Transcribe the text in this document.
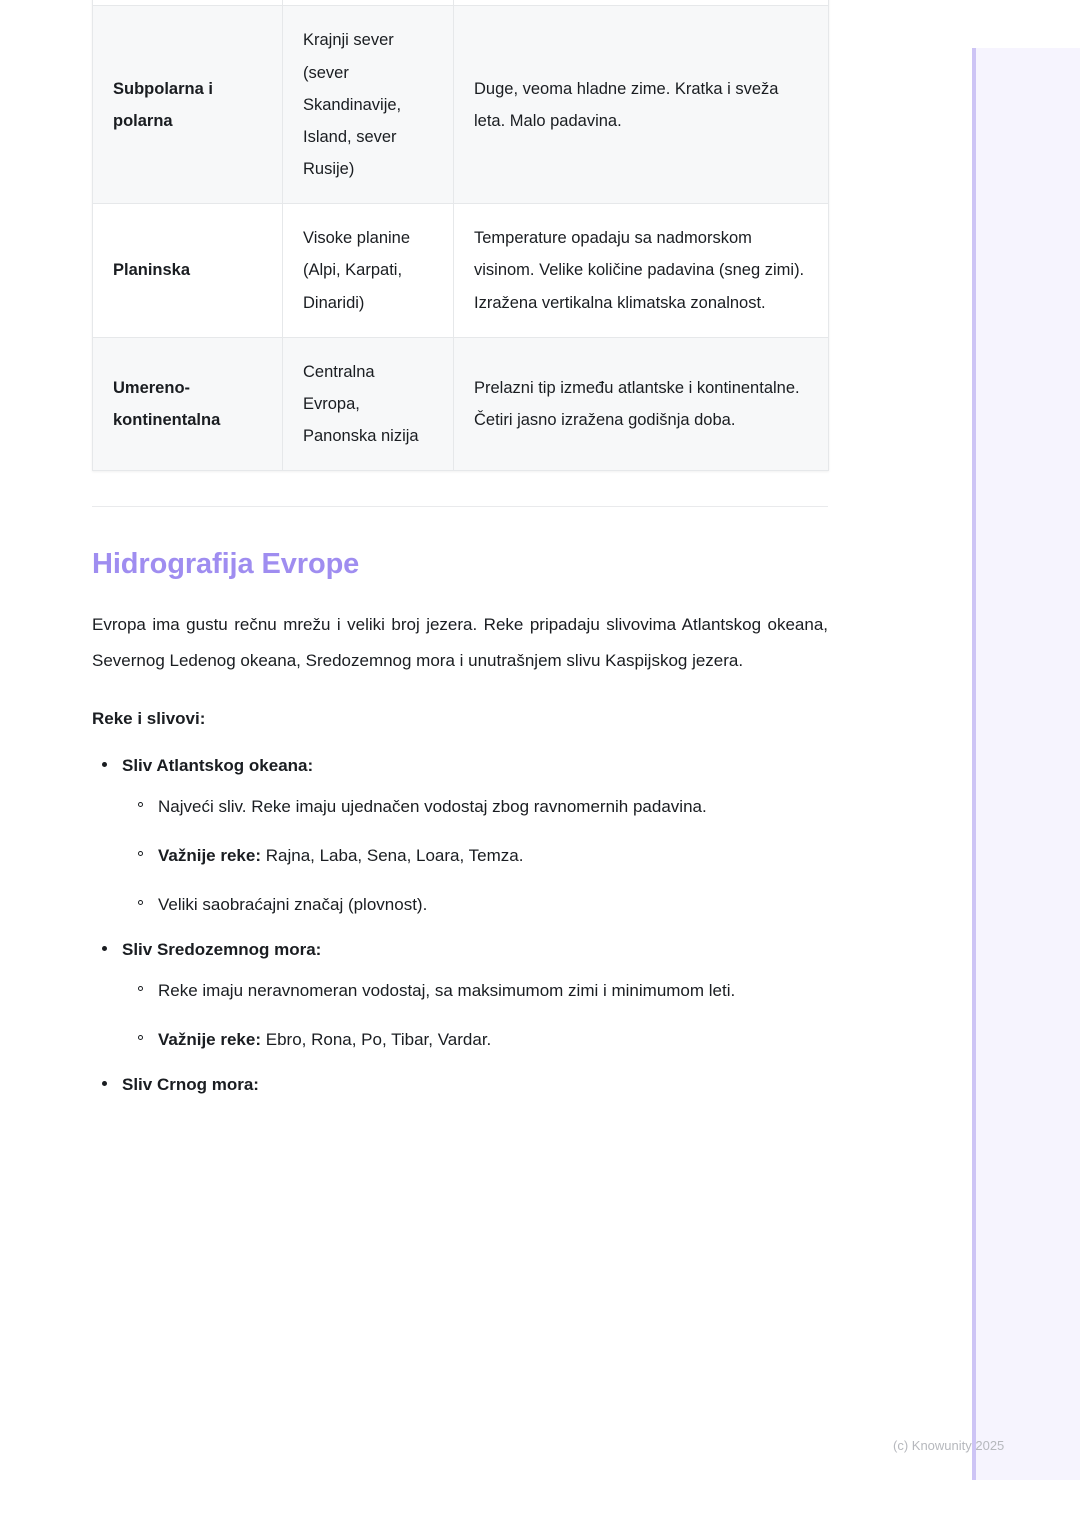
Subpolarna i polarna	Krajnji sever (sever Skandinavije, Island, sever Rusije)	Duge, veoma hladne zime. Kratka i sveža leta. Malo padavina.
Planinska	Visoke planine (Alpi, Karpati, Dinaridi)	Temperature opadaju sa nadmorskom visinom. Velike količine padavina (sneg zimi). Izražena vertikalna klimatska zonalnost.
Umereno-kontinentalna	Centralna Evropa, Panonska nizija	Prelazni tip između atlantske i kontinentalne. Četiri jasno izražena godišnja doba.
Hidrografija Evrope

Evropa ima gustu rečnu mrežu i veliki broj jezera. Reke pripadaju slivovima Atlantskog okeana, Severnog Ledenog okeana, Sredozemnog mora i unutrašnjem slivu Kaspijskog jezera.

Reke i slivovi:

Sliv Atlantskog okeana:
Najveći sliv. Reke imaju ujednačen vodostaj zbog ravnomernih padavina.
Važnije reke: Rajna, Laba, Sena, Loara, Temza.
Veliki saobraćajni značaj (plovnost).
Sliv Sredozemnog mora:
Reke imaju neravnomeran vodostaj, sa maksimumom zimi i minimumom leti.
Važnije reke: Ebro, Rona, Po, Tibar, Vardar.
Sliv Crnog mora:
(c) Knowunity 2025
